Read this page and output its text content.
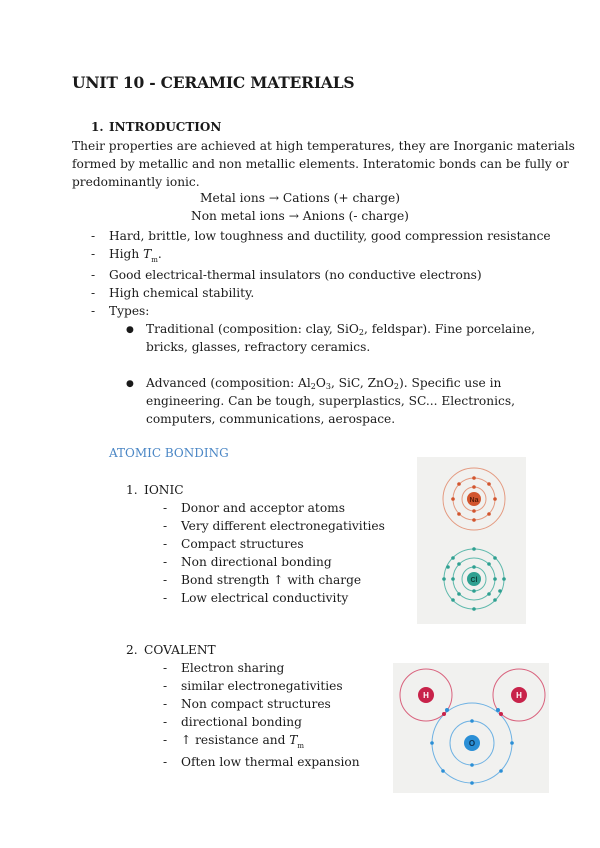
UNIT 10 - CERAMIC MATERIALS
1. INTRODUCTION
Their properties are achieved at high temperatures, they are Inorganic materials
formed by metallic and non metallic elements. Interatomic bonds can be fully or
predominantly ionic.
Metal ions → Cations (+ charge)
Non metal ions → Anions (- charge)
- Hard, brittle, low toughness and ductility, good compression resistance
- High $T_m$.
- Good electrical-thermal insulators (no conductive electrons)
- High chemical stability.
- Types:
● Traditional (composition: clay, SiO$_2$, feldspar). Fine porcelaine,
bricks, glasses, refractory ceramics.
● Advanced (composition: $Al_2O_3$, SiC, ZnO$_2$). Specific use in
engineering. Can be tough, superplastics, SC... Electronics,
computers, communications, aerospace.
ATOMIC BONDING
1. IONIC
- Donor and acceptor atoms
- Very different electronegativities
- Compact structures
- Non directional bonding
- Bond strength ↑ with charge
- Low electrical conductivity
2. COVALENT
- Electron sharing
- similar electronegativities
- Non compact structures
- directional bonding
- ↑ resistance and $T_m$
- Often low thermal expansion
Na
Cl
O
H	H
